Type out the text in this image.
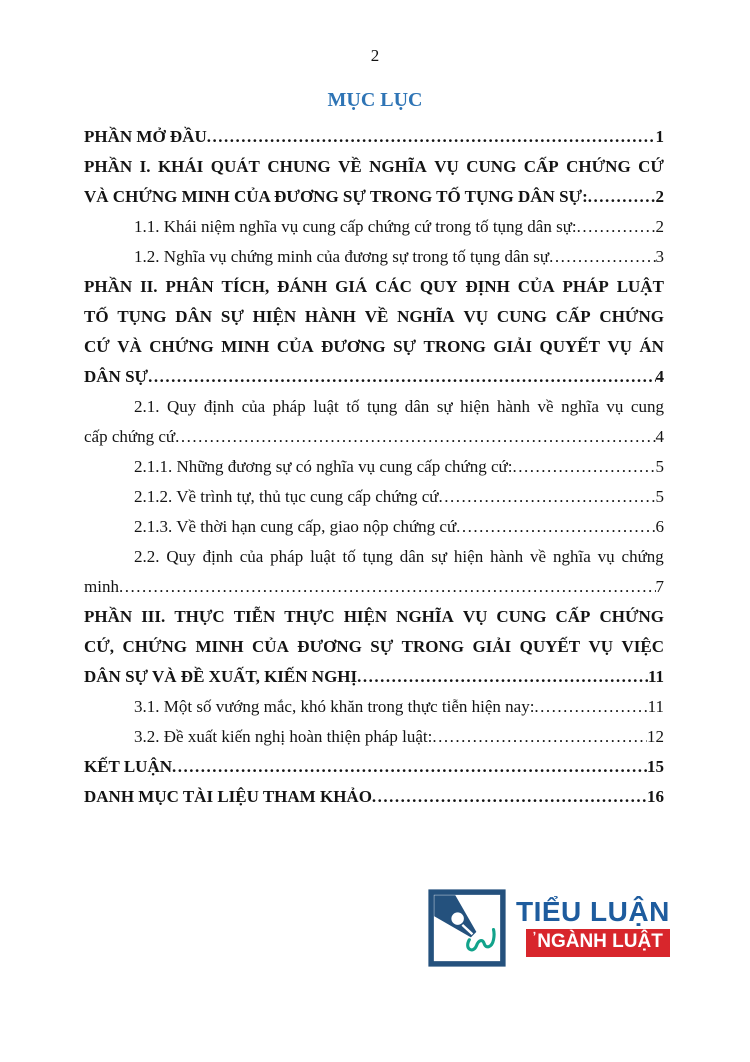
2
MỤC LỤC
PHẦN MỞ ĐẦU .....	1
PHẦN I. KHÁI QUÁT CHUNG VỀ NGHĨA VỤ CUNG CẤP CHỨNG CỨ
VÀ CHỨNG MINH CỦA ĐƯƠNG SỰ TRONG TỐ TỤNG DÂN SỰ: .....	2
1.1. Khái niệm nghĩa vụ cung cấp chứng cứ trong tố tụng dân sự: .....	2
1.2. Nghĩa vụ chứng minh của đương sự trong tố tụng dân sự .....	3
PHẦN II. PHÂN TÍCH, ĐÁNH GIÁ CÁC QUY ĐỊNH CỦA PHÁP LUẬT
TỐ TỤNG DÂN SỰ HIỆN HÀNH VỀ NGHĨA VỤ CUNG CẤP CHỨNG
CỨ VÀ CHỨNG MINH CỦA ĐƯƠNG SỰ TRONG GIẢI QUYẾT VỤ ÁN
DÂN SỰ .....	4
2.1. Quy định của pháp luật tố tụng dân sự hiện hành về nghĩa vụ cung
cấp chứng cứ .....	4
2.1.1. Những đương sự có nghĩa vụ cung cấp chứng cứ: .....	5
2.1.2. Về trình tự, thủ tục cung cấp chứng cứ .....	5
2.1.3. Về thời hạn cung cấp, giao nộp chứng cứ .....	6
2.2. Quy định của pháp luật tố tụng dân sự hiện hành về nghĩa vụ chứng
minh .....	7
PHẦN III. THỰC TIỄN THỰC HIỆN NGHĨA VỤ CUNG CẤP CHỨNG
CỨ, CHỨNG MINH CỦA ĐƯƠNG SỰ TRONG GIẢI QUYẾT VỤ VIỆC
DÂN SỰ VÀ ĐỀ XUẤT, KIẾN NGHỊ .....	11
3.1. Một số vướng mắc, khó khăn trong thực tiễn hiện nay: .....	11
3.2. Đề xuất kiến nghị hoàn thiện pháp luật: .....	12
KẾT LUẬN .....	15
DANH MỤC TÀI LIỆU THAM KHẢO .....	16
TIỂU LUẬN
ʼNGÀNH LUẬT
